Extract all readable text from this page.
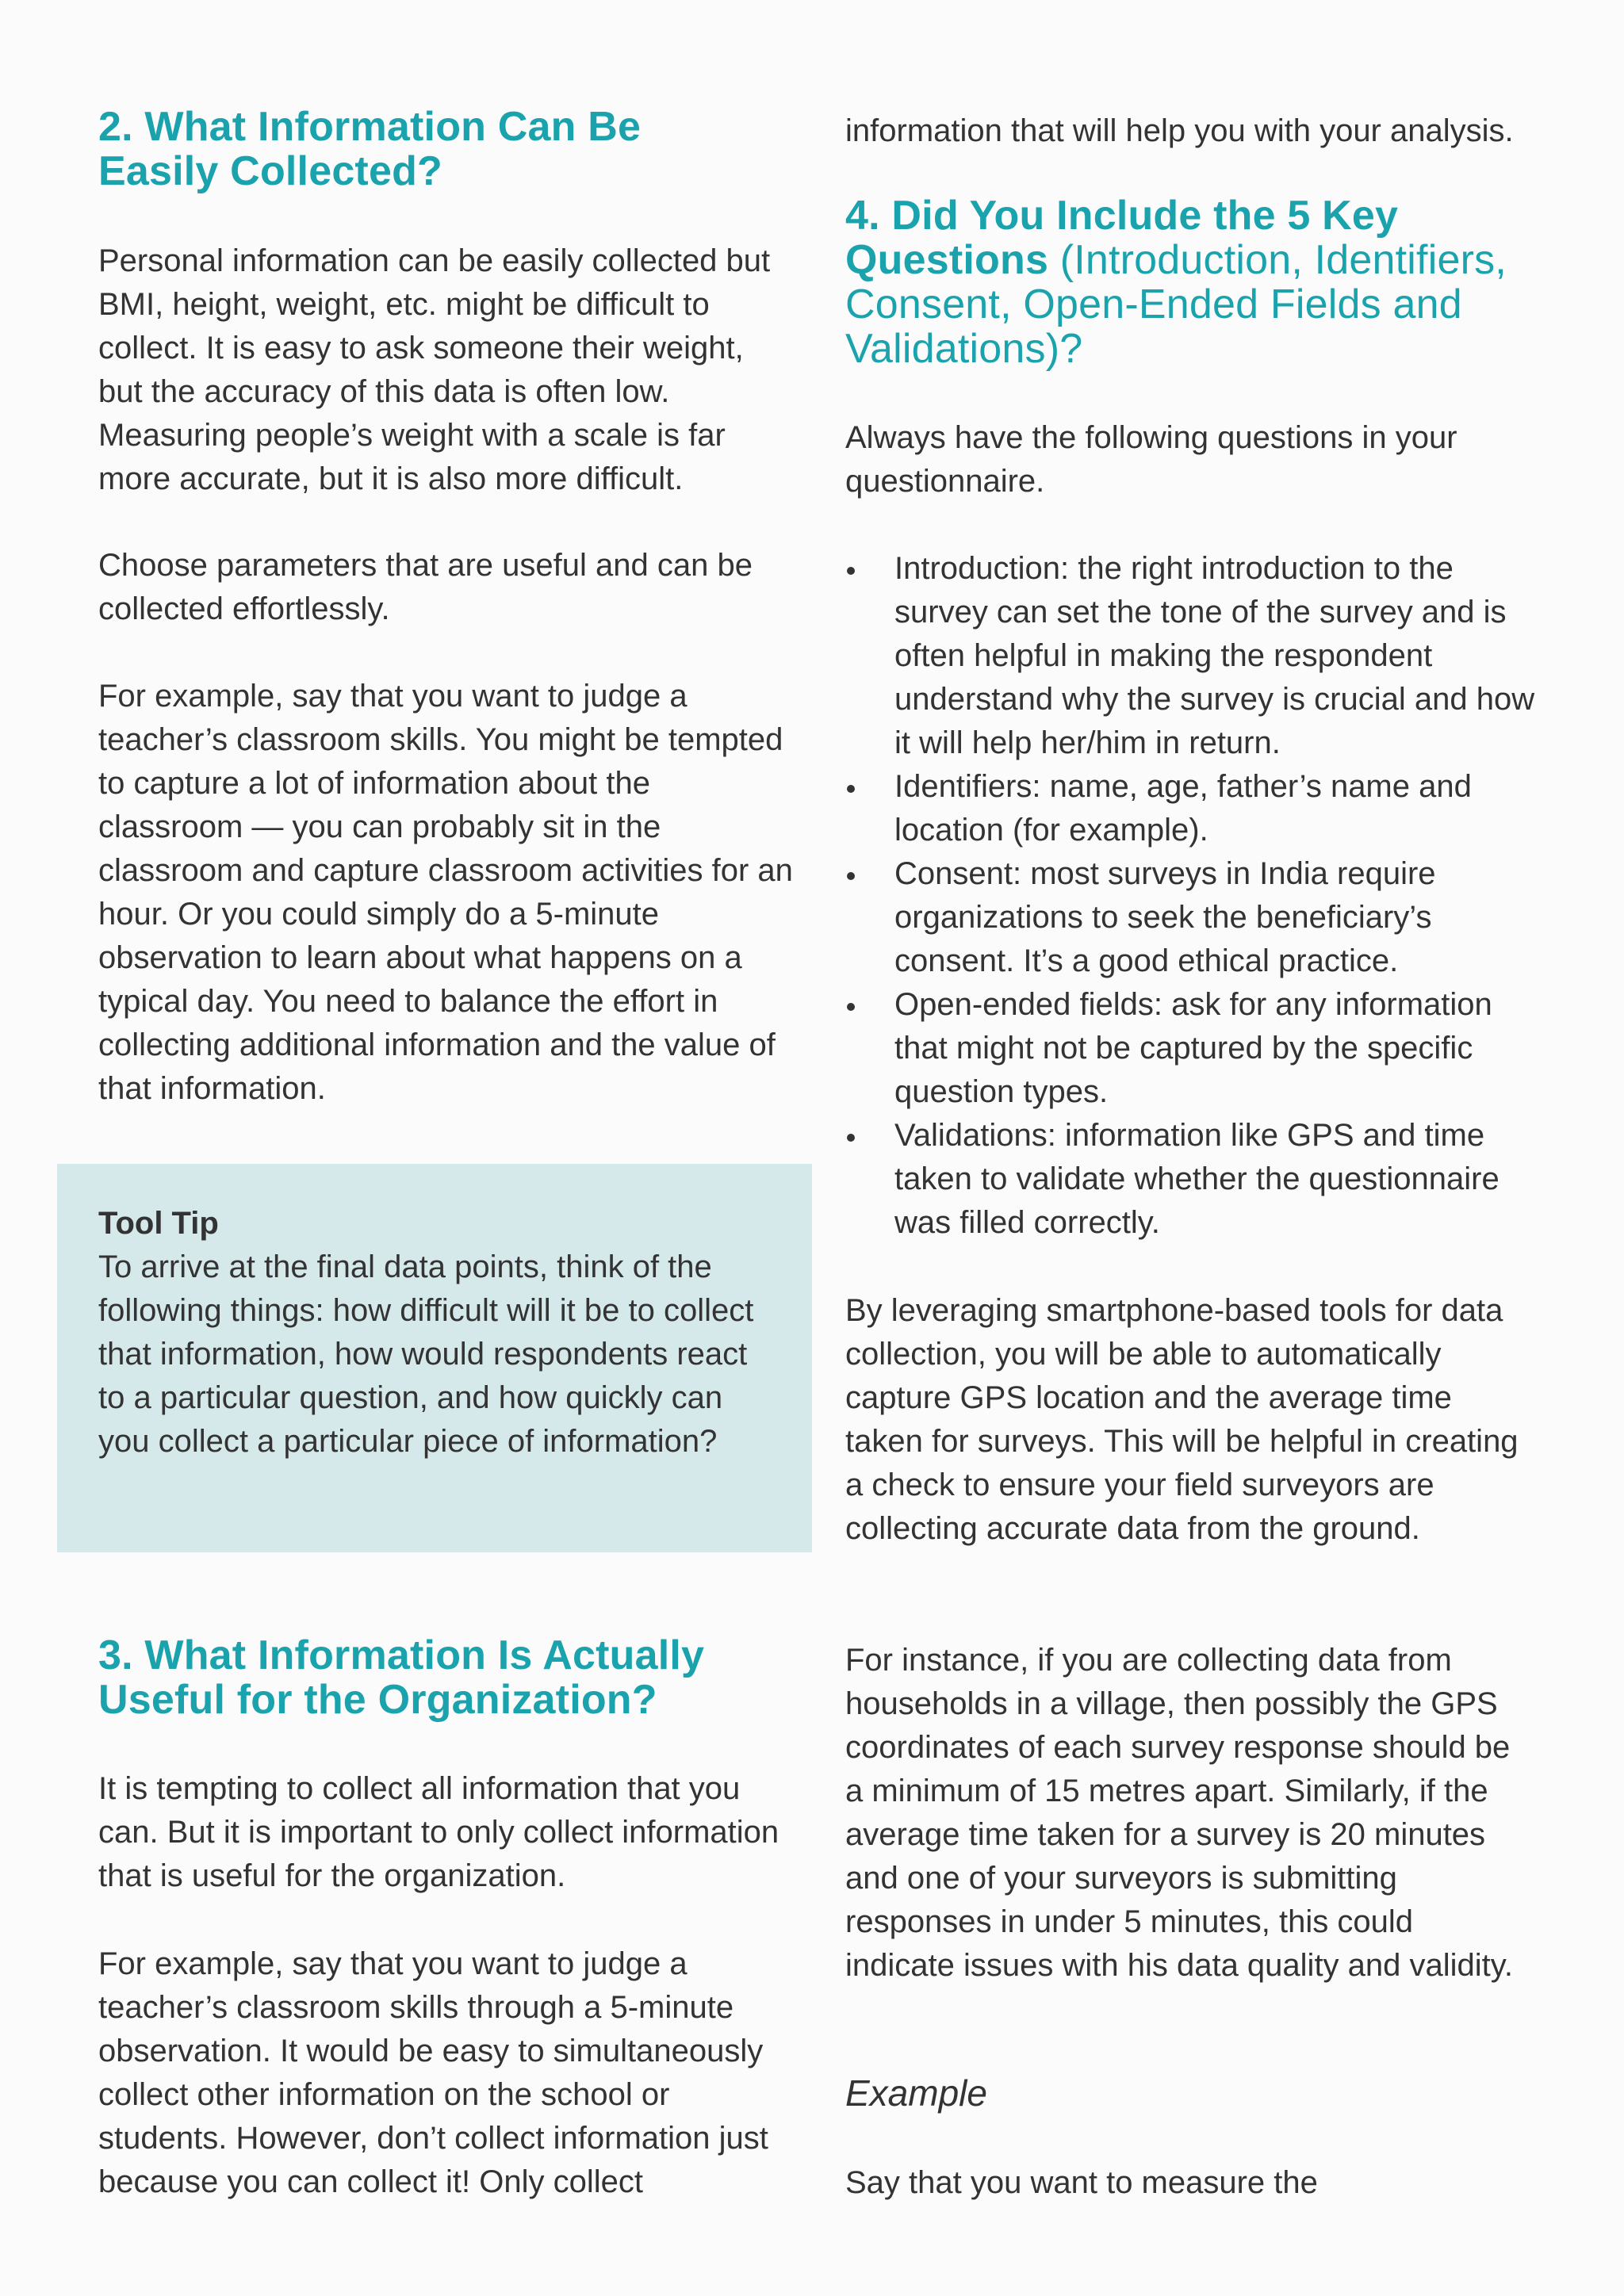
2. What Information Can Be Easily Collected?

Personal information can be easily collected but BMI, height, weight, etc. might be difficult to collect. It is easy to ask someone their weight, but the accuracy of this data is often low. Measuring people’s weight with a scale is far more accurate, but it is also more difficult.

Choose parameters that are useful and can be collected effortlessly.

For example, say that you want to judge a teacher’s classroom skills. You might be tempted to capture a lot of information about the classroom — you can probably sit in the classroom and capture classroom activities for an hour. Or you could simply do a 5-minute observation to learn about what happens on a typical day. You need to balance the effort in collecting additional information and the value of that information.

Tool Tip

To arrive at the final data points, think of the following things: how difficult will it be to collect that information, how would respondents react to a particular question, and how quickly can you collect a particular piece of information?

3. What Information Is Actually Useful for the Organization?

It is tempting to collect all information that you can. But it is important to only collect information that is useful for the organization.

For example, say that you want to judge a teacher’s classroom skills through a 5-minute observation. It would be easy to simultaneously collect other information on the school or students. However, don’t collect information just because you can collect it! Only collect

information that will help you with your analysis.

4. Did You Include the 5 Key Questions (Introduction, Identifiers, Consent, Open-Ended Fields and Validations)?

Always have the following questions in your questionnaire.

Introduction: the right introduction to the survey can set the tone of the survey and is often helpful in making the respondent understand why the survey is crucial and how it will help her/him in return.
Identifiers: name, age, father’s name and location (for example).
Consent: most surveys in India require organizations to seek the beneficiary’s consent. It’s a good ethical practice.
Open-ended fields: ask for any information that might not be captured by the specific question types.
Validations: information like GPS and time taken to validate whether the questionnaire was filled correctly.

By leveraging smartphone-based tools for data collection, you will be able to automatically capture GPS location and the average time taken for surveys. This will be helpful in creating a check to ensure your field surveyors are collecting accurate data from the ground.

For instance, if you are collecting data from households in a village, then possibly the GPS coordinates of each survey response should be a minimum of 15 metres apart. Similarly, if the average time taken for a survey is 20 minutes and one of your surveyors is submitting responses in under 5 minutes, this could indicate issues with his data quality and validity.

Example

Say that you want to measure the
